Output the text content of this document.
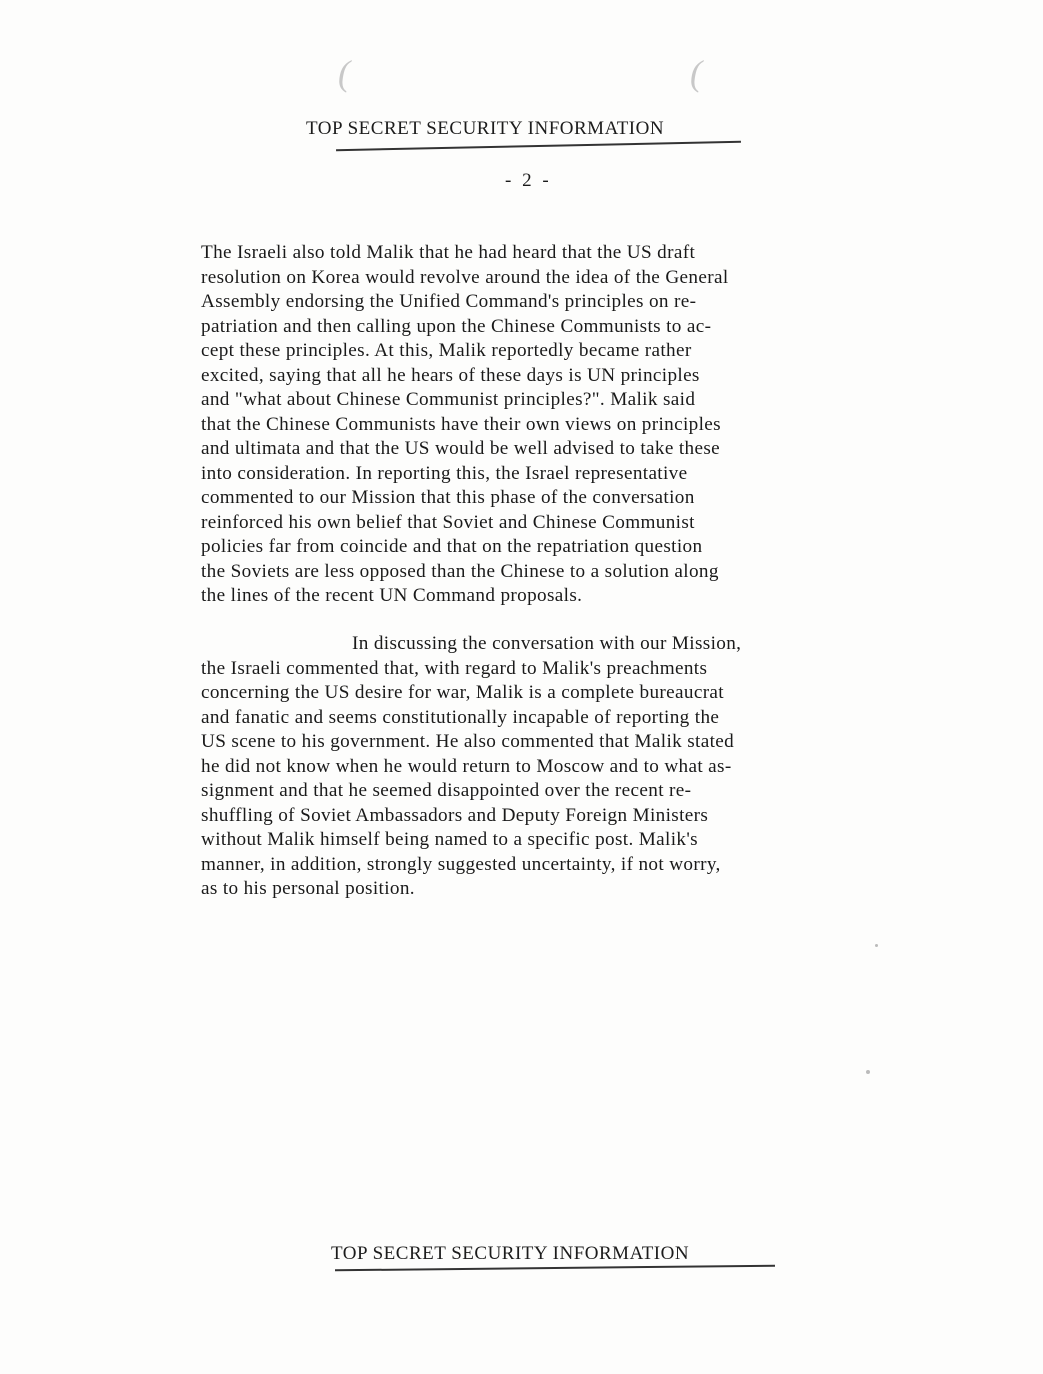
(	(
TOP SECRET SECURITY INFORMATION
- 2 -
The Israeli also told Malik that he had heard that the US draft
resolution on Korea would revolve around the idea of the General
Assembly endorsing the Unified Command's principles on re-
patriation and then calling upon the Chinese Communists to ac-
cept these principles. At this, Malik reportedly became rather
excited, saying that all he hears of these days is UN principles
and "what about Chinese Communist principles?". Malik said
that the Chinese Communists have their own views on principles
and ultimata and that the US would be well advised to take these
into consideration. In reporting this, the Israel representative
commented to our Mission that this phase of the conversation
reinforced his own belief that Soviet and Chinese Communist
policies far from coincide and that on the repatriation question
the Soviets are less opposed than the Chinese to a solution along
the lines of the recent UN Command proposals.
In discussing the conversation with our Mission,
the Israeli commented that, with regard to Malik's preachments
concerning the US desire for war, Malik is a complete bureaucrat
and fanatic and seems constitutionally incapable of reporting the
US scene to his government. He also commented that Malik stated
he did not know when he would return to Moscow and to what as-
signment and that he seemed disappointed over the recent re-
shuffling of Soviet Ambassadors and Deputy Foreign Ministers
without Malik himself being named to a specific post. Malik's
manner, in addition, strongly suggested uncertainty, if not worry,
as to his personal position.
TOP SECRET SECURITY INFORMATION
